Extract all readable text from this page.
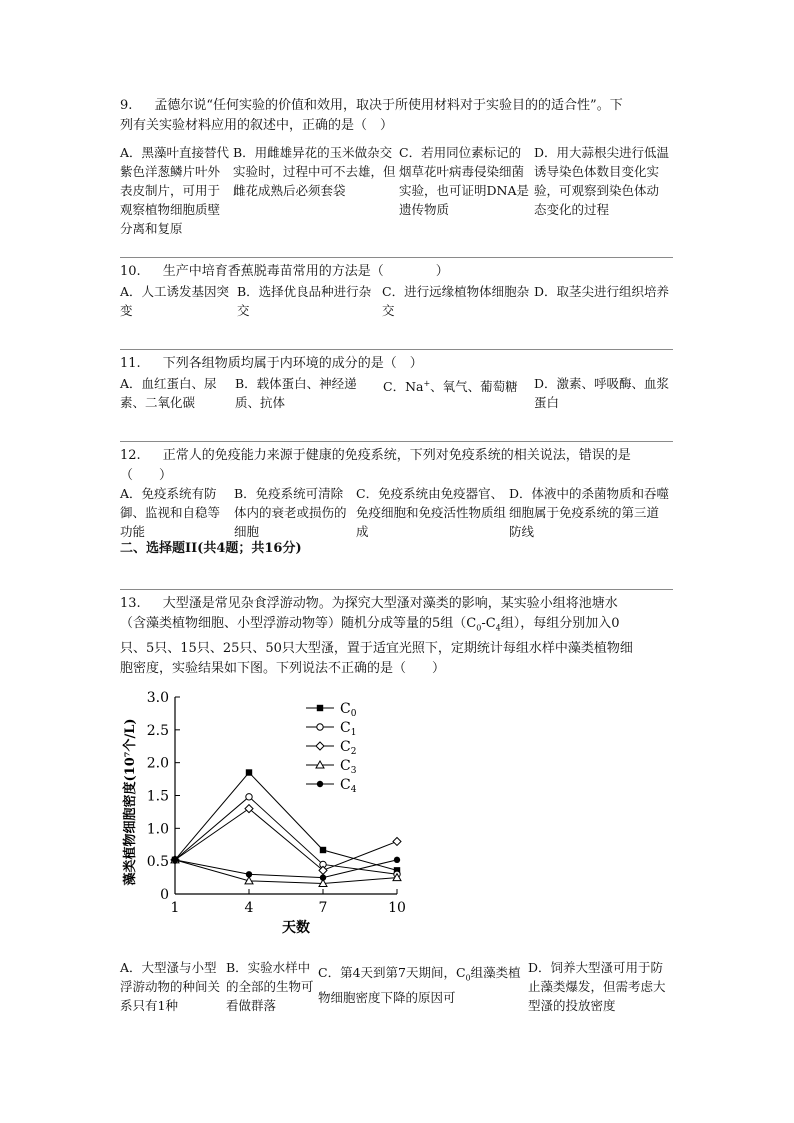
9. 孟德尔说“任何实验的价值和效用，取决于所使用材料对于实验目的的适合性”。下
列有关实验材料应用的叙述中，正确的是（　）
A．黑藻叶直接替代紫色洋葱鳞片叶外表皮制片，可用于观察植物细胞质壁分离和复原
B．用雌雄异花的玉米做杂交实验时，过程中可不去雄，但雌花成熟后必须套袋
C．若用同位素标记的烟草花叶病毒侵染细菌实验，也可证明DNA是遗传物质
D．用大蒜根尖进行低温诱导染色体数目变化实验，可观察到染色体动态变化的过程
10. 生产中培育香蕉脱毒苗常用的方法是（　　　　）
A．人工诱发基因突变
B．选择优良品种进行杂交
C．进行远缘植物体细胞杂交
D．取茎尖进行组织培养
11. 下列各组物质均属于内环境的成分的是（　）
A．血红蛋白、尿素、二氧化碳
B．载体蛋白、神经递质、抗体
C．Na+、氧气、葡萄糖	D．激素、呼吸酶、血浆蛋白
12. 正常人的免疫能力来源于健康的免疫系统，下列对免疫系统的相关说法，错误的是
（　　）
A．免疫系统有防御、监视和自稳等功能
B．免疫系统可清除体内的衰老或损伤的细胞
C．免疫系统由免疫器官、免疫细胞和免疫活性物质组成
D．体液中的杀菌物质和吞噬细胞属于免疫系统的第三道防线
二、选择题II(共4题；共16分)
13. 大型溞是常见杂食浮游动物。为探究大型溞对藻类的影响，某实验小组将池塘水
（含藻类植物细胞、小型浮游动物等）随机分成等量的5组（$C_0-C_4$组），每组分别加入0
只、5只、15只、25只、50只大型溞，置于适宜光照下，定期统计每组水样中藻类植物细
胞密度，实验结果如下图。下列说法不正确的是（　　）
0
0.5
1.0
1.5
2.0
2.5
3.0
1	4	7	10
$C_0$
$C_1$
$C_2$
$C_3$
$C_4$
藻类植物细胞密度(10⁷个/L)
天数
A．大型溞与小型浮游动物的种间关系只有1种
B．实验水样中的全部的生物可看做群落
C．第4天到第7天期间，$C_0$组藻类植物细胞密度下降的原因可
D．饲养大型溞可用于防止藻类爆发，但需考虑大型溞的投放密度
